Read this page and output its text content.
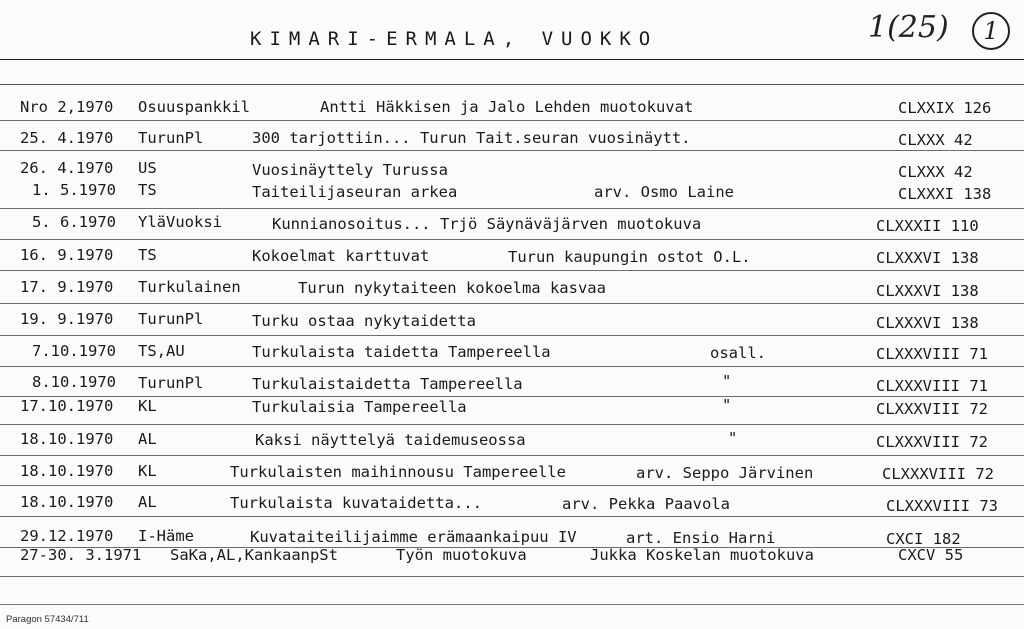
KIMARI-ERMALA, VUOKKO	1(25)	1
Nro 2,1970 Osuuspankkil	Antti Häkkisen ja Jalo Lehden muotokuvat	CLXXIX 126
25. 4.1970 TurunPl	300 tarjottiin... Turun Tait.seuran vuosinäytt.	CLXXX 42
26. 4.1970 US	Vuosinäyttely Turussa	CLXXX 42
1. 5.1970 TS	Taiteilijaseuran arkea	arv. Osmo Laine	CLXXXI 138
5. 6.1970 YläVuoksi	Kunnianosoitus... Trjö Säynäväjärven muotokuva	CLXXXII 110
16. 9.1970 TS	Kokoelmat karttuvat	Turun kaupungin ostot O.L.	CLXXXVI 138
17. 9.1970 Turkulainen	Turun nykytaiteen kokoelma kasvaa	CLXXXVI 138
19. 9.1970 TurunPl	Turku ostaa nykytaidetta	CLXXXVI 138
7.10.1970 TS,AU	Turkulaista taidetta Tampereella	osall.	CLXXXVIII 71
8.10.1970 TurunPl	Turkulaistaidetta Tampereella	"	CLXXXVIII 71
17.10.1970 KL	Turkulaisia Tampereella	"	CLXXXVIII 72
18.10.1970 AL	Kaksi näyttelyä taidemuseossa	"	CLXXXVIII 72
18.10.1970 KL	Turkulaisten maihinnousu Tampereelle	arv. Seppo Järvinen	CLXXXVIII 72
18.10.1970 AL	Turkulaista kuvataidetta...	arv. Pekka Paavola	CLXXXVIII 73
29.12.1970 I-Häme	Kuvataiteilijaimme erämaankaipuu IV	art. Ensio Harni	CXCI 182
27-30. 3.1971 SaKa,AL,KankaanpSt	Työn muotokuva	Jukka Koskelan muotokuva	CXCV 55
Paragon 57434/711
